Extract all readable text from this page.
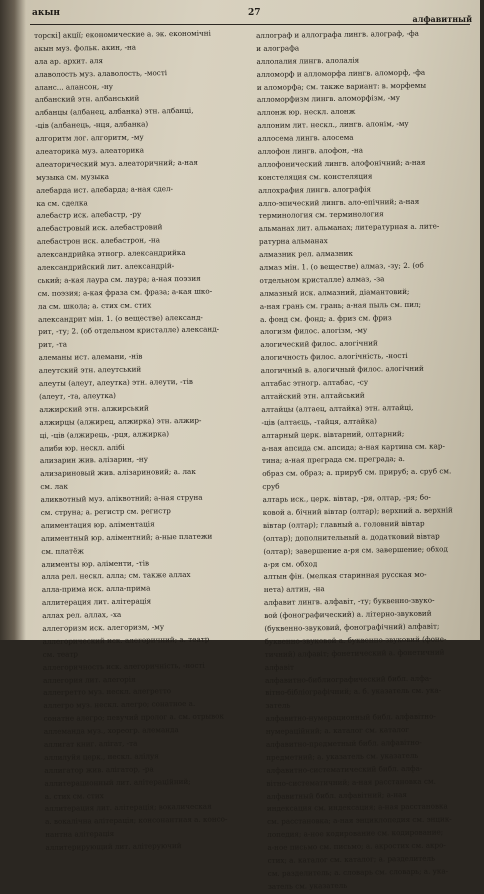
акын	27
алфавитный
торскі] акції; економические а. эк. економічні
акын муз. фольк. акин, -на
ала ар. архит. аля
алаволость муз. алаволость, -мості
аланс... алансон, -ну
албанский этн. албанський
албанцы (албанец, албанка) этн. албанці,
-ців (албанець, -нця, албанка)
алгоритм лог. алгоритм, -му
алеаторика муз. алеаторика
алеаторический муз. алеаторичний; а-ная
музыка см. музыка
алебарда ист. алебарда; а-ная сдел-
ка см. сделка
алебастр иск. алебастр, -ру
алебастровый иск. алебастровий
алебастрон иск. алебастрон, -на
александрийка этногр. александрийка
александрийский лит. александрій-
ський; а-кая лаура см. лаура; а-ная поэзия
см. поэзия; а-кая фраза см. фраза; а-кая шко-
ла см. школа; а. стих см. стих
александрит мін. 1. (о веществе) александ-
рит, -ту; 2. (об отдельном кристалле) александ-
рит, -та
алеманы иcт. алемани, -нів
алеутский этн. алеутський
алеуты (алеут, алеутка) этн. алеути, -тів
(алеут, -та, алеутка)
алжирский этн. алжирський
алжирцы (алжирец, алжирка) этн. алжир-
ці, -ців (алжирець, -рця, алжирка)
алиби юр. нескл. алібі
ализарин жив. алізарин, -ну
ализариновый жив. алізариновий; а. лак
см. лак
аликвотный муз. аліквотний; а-ная струна
см. струна; а. регистр см. регистр
алиментация юр. аліментація
алиментный юр. аліментний; а-ные платежи
см. платёж
алименты юр. аліменти, -тів
алла рел. нескл. алла; см. также аллах
алла-прима иcк. алла-прима
аллитерация лит. алітерація
аллах рел. аллах, -ха
аллегоризм иcк. алегоризм, -му
аллегорический иск. алегоричний; а. театр
см. театр
аллегоричность иcк. алегоричність, -ності
аллегория лит. алегорія
аллегретто муз. нескл. алегретто
аллегро муз. нескл. алегро; сонатное а.
сонатне алегро; певучий пролог а. см. отрывок
аллеманда муз., хореогр. алеманда
аллигат книг. алігат, -та
аллилуйя церк., нескл. алілуя
аллигатор жив. алігатор, -ра
аллитерационный лит. алітераційний;
а. стих см. стих
аллитерация лит. алітерація; вокалическая
а. вокалічна алітерація; консонантная а. консо-
нантна алітерація
аллитерирующий лит. алітеруючий
аллограф и аллографа лингв. алограф, -фа
и алографа
аллолалия лингв. алолалія
алломорф и алломорфа лингв. аломорф, -фа
и аломорфа; см. также вариант: в. морфемы
алломорфизм лингв. аломорфізм, -му
аллонж юр. нескл. алонж
аллоним лит. нескл., лингв. алонім, -му
аллосема лингв. алосема
аллофон лингв. алофон, -на
аллофонический лингв. алофонічний; а-ная
констеляция см. констеляция
аллохрафия лингв. алографія
алло-эпический лингв. ало-епічний; а-ная
терминология см. терминология
альманах лит. альманах; литературная а. лите-
ратурна альманах
алмазник рел. алмазник
алмаз мін. 1. (о веществе) алмаз, -зу; 2. (об
отдельном кристалле) алмаз, -за
алмазный иск. алмазний, діамантовий;
а-ная грань см. грань; а-ная пыль см. пил;
а. фонд см. фонд; а. фриз см. фриз
алогизм филос. алогізм, -му
алогический филос. алогічний
алогичность филос. алогічність, -ності
алогичный в. алогичный филос. алогічний
алтабас этногр. алтабас, -су
алтайский этн. алтайський
алтайцы (алтаец, алтайка) этн. алтайці,
-ців (алтаєць, -тайця, алтайка)
алтарный церк. вівтарний, олтарний;
а-ная апсида см. апсида; а-ная картина см. кар-
тина; а-ная преграда см. преграда; а.
образ см. образ; а. прируб см. прируб; а. сруб см.
сруб
алтарь иск., церк. вівтар, -ря, олтар, -ря; бо-
ковой а. бічний вівтар (олтар); верхний а. верхній
вівтар (олтар); главный а. головний вівтар
(олтар); дополнительный а. додатковий вівтар
(олтар); завершение а-ря см. завершение; обход
а-ря см. обход
алтын фін. (мелкая старинная русская мо-
нета) алтин, -на
алфавит лингв. алфавіт, -ту; буквенно-звуко-
вой (фонографический) а. літерно-звуковий
(буквенно-звуковий, фонографічний) алфавіт;
буквенно-звуковой а. буквенно-звуковий (фоне-
тичний) алфавіт; фонетический а. фонетичний
алфавіт
алфавитно-библиографический библ. алфа-
вітно-бібліографічний; а. б. указатель см. ука-
затель
алфавитно-нумерационный библ. алфавітно-
нумераційний; а. каталог см. каталог
алфавитно-предметный библ. алфавітно-
предметний; а. указатель см. указатель
алфавитно-систематический библ. алфа-
вітно-систематичний; а-ная расстановка см.
алфавитный библ. алфавітний; а-ная
индексация см. индексация; а-ная расстановка
см. расстановка; а-ная энциклопедия см. энцик-
лопедия; а-ное кодирование см. кодирование;
а-ное письмо см. письмо; а. акростих см. акро-
стих; а. каталог см. каталог; а. разделитель
см. разделитель; а. словарь см. словарь; а. ука-
затель см. указатель
